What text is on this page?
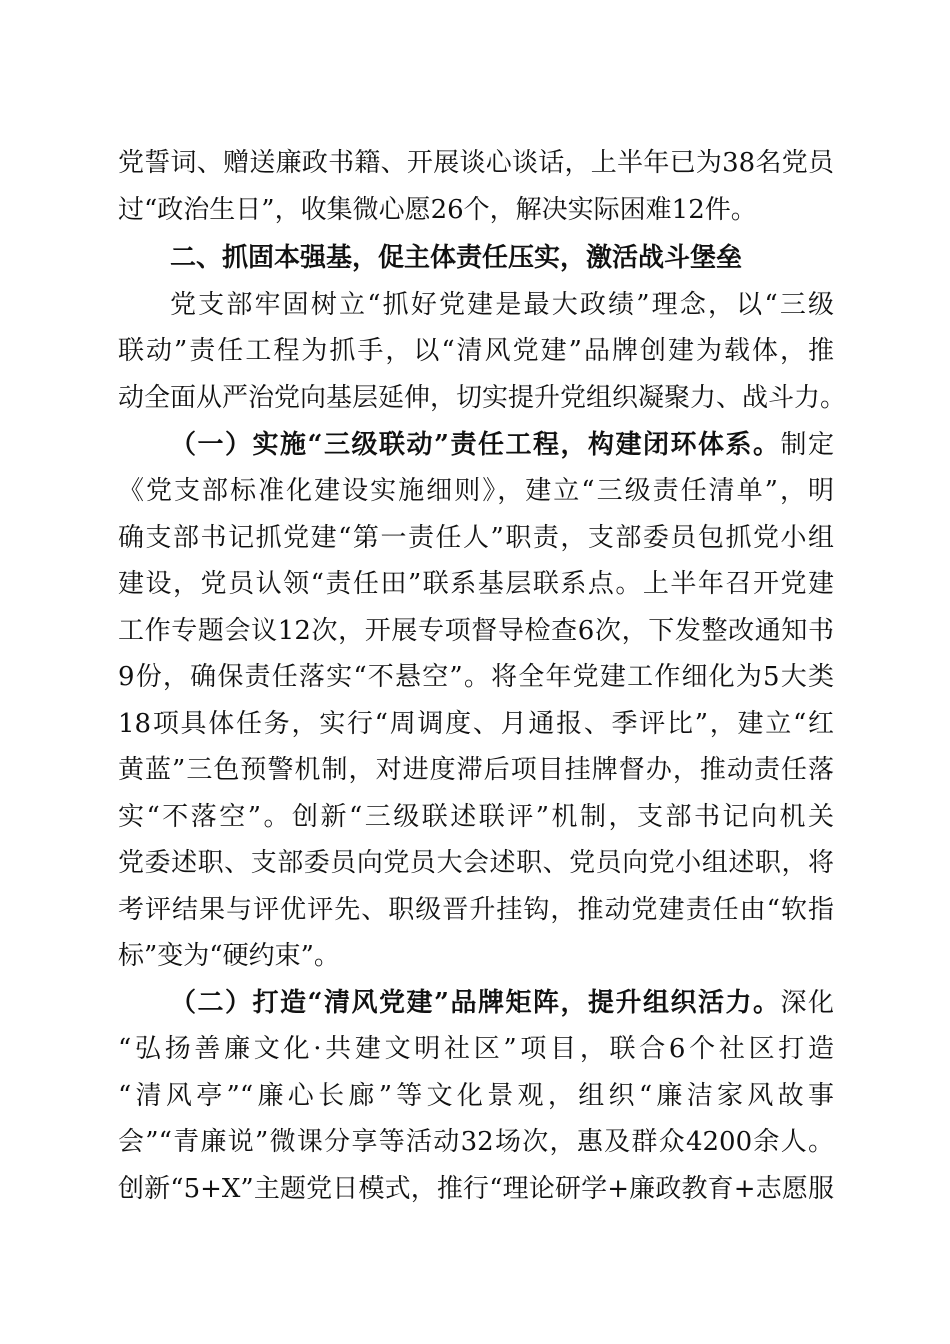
党誓词、赠送廉政书籍、开展谈心谈话，上半年已为38名党员
过“政治生日”，收集微心愿26个，解决实际困难12件。
二、抓固本强基，促主体责任压实，激活战斗堡垒
党支部牢固树立“抓好党建是最大政绩”理念，以“三级
联动”责任工程为抓手，以“清风党建”品牌创建为载体，推
动全面从严治党向基层延伸，切实提升党组织凝聚力、战斗力。
（一）实施“三级联动”责任工程，构建闭环体系。制定
《党支部标准化建设实施细则》，建立“三级责任清单”，明
确支部书记抓党建“第一责任人”职责，支部委员包抓党小组
建设，党员认领“责任田”联系基层联系点。上半年召开党建
工作专题会议12次，开展专项督导检查6次，下发整改通知书
9份，确保责任落实“不悬空”。将全年党建工作细化为5大类
18项具体任务，实行“周调度、月通报、季评比”，建立“红
黄蓝”三色预警机制，对进度滞后项目挂牌督办，推动责任落
实“不落空”。创新“三级联述联评”机制，支部书记向机关
党委述职、支部委员向党员大会述职、党员向党小组述职，将
考评结果与评优评先、职级晋升挂钩，推动党建责任由“软指
标”变为“硬约束”。
（二）打造“清风党建”品牌矩阵，提升组织活力。深化
“弘扬善廉文化·共建文明社区”项目，联合6个社区打造
“清风亭”“廉心长廊”等文化景观，组织“廉洁家风故事
会”“青廉说”微课分享等活动32场次，惠及群众4200余人。
创新“5+X”主题党日模式，推行“理论研学+廉政教育+志愿服
